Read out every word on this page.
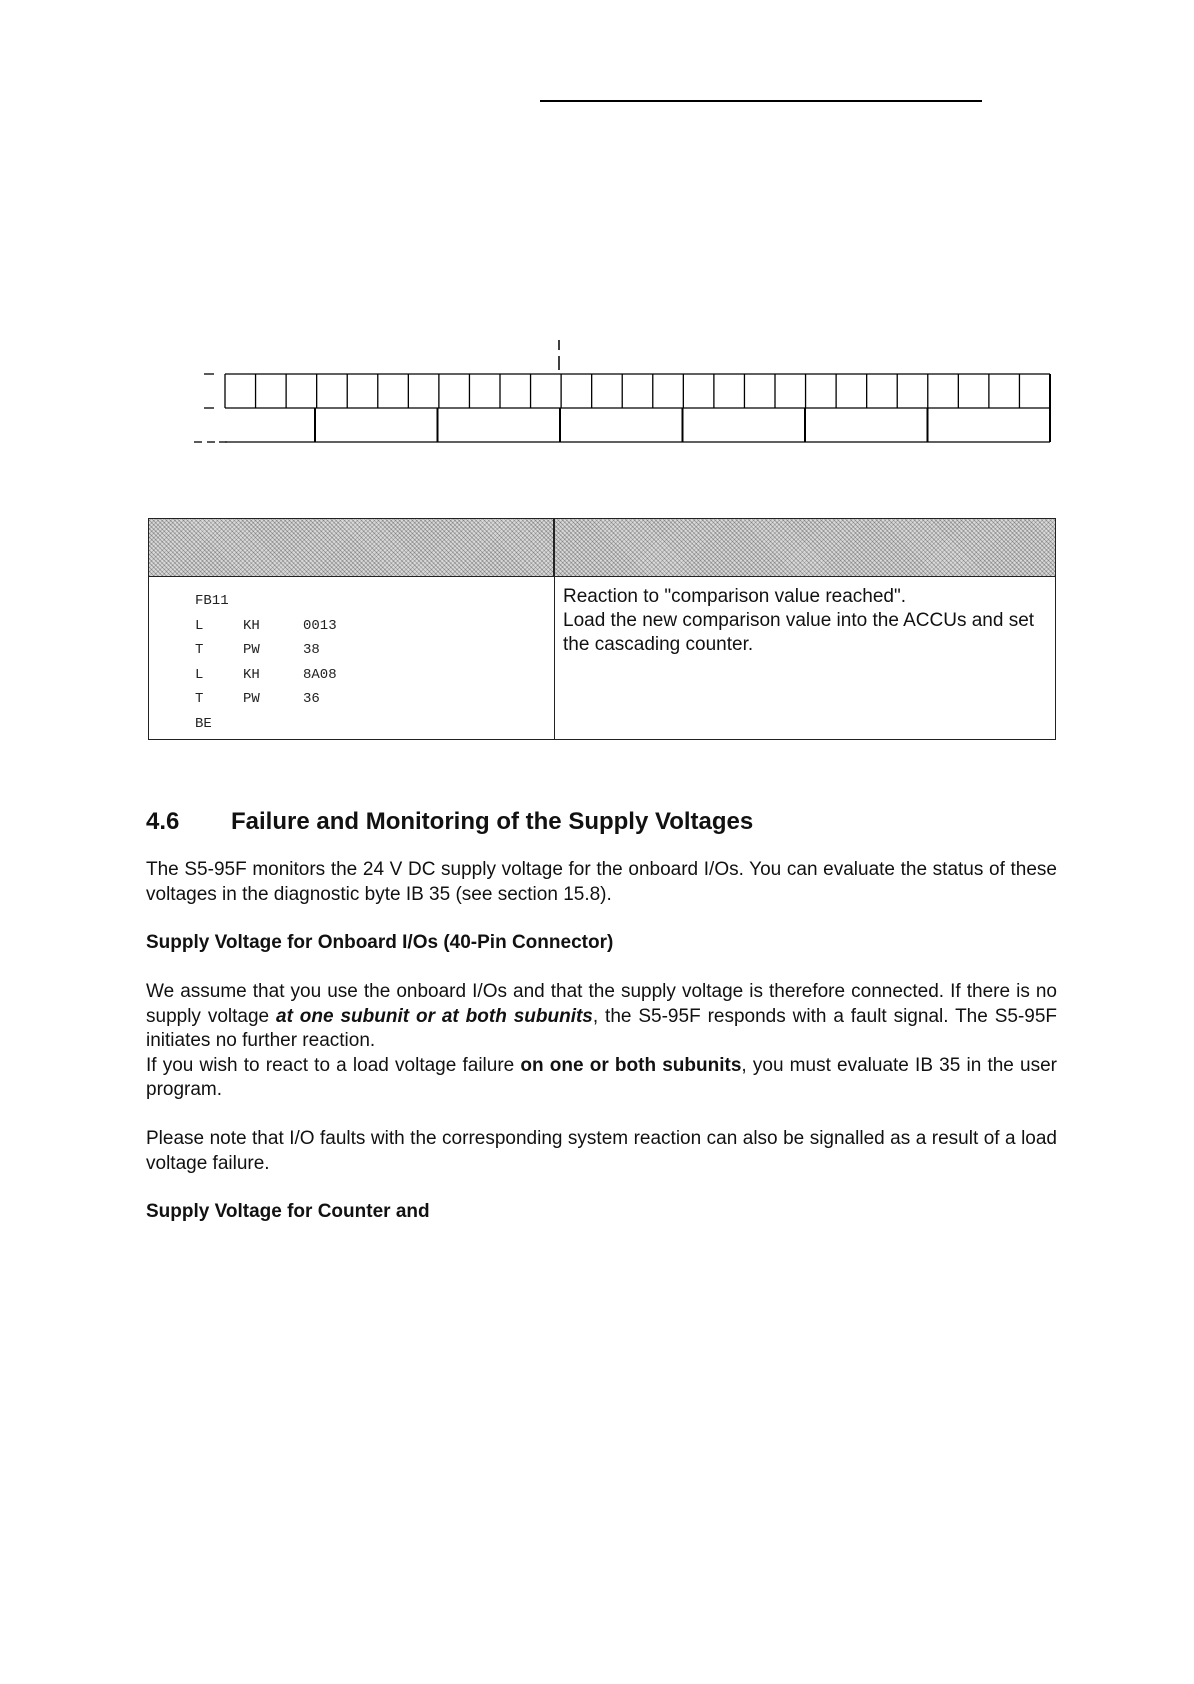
FB11
L	KH	0013
T	PW	38
L	KH	8A08
T	PW	36
BE
Reaction to "comparison value reached".
Load the new comparison value into the ACCUs and set the cascading counter.
4.6 Failure and Monitoring of the Supply Voltages
The S5-95F monitors the 24 V DC supply voltage for the onboard I/Os. You can evaluate the status of these voltages in the diagnostic byte IB 35 (see section 15.8).
Supply Voltage for Onboard I/Os (40-Pin Connector)
We assume that you use the onboard I/Os and that the supply voltage is therefore connected. If there is no supply voltage at one subunit or at both subunits, the S5-95F responds with a fault signal. The S5-95F initiates no further reaction.
If you wish to react to a load voltage failure on one or both subunits, you must evaluate IB 35 in the user program.
Please note that I/O faults with the corresponding system reaction can also be signalled as a result of a load voltage failure.
Supply Voltage for Counter and
